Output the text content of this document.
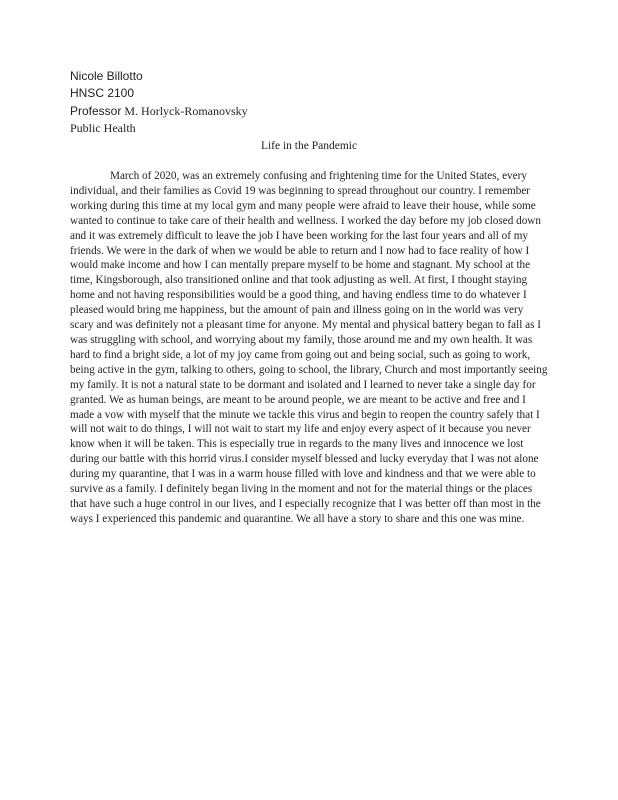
Nicole Billotto
HNSC 2100
Professor M. Horlyck-Romanovsky
Public Health
Life in the Pandemic
March of 2020, was an extremely confusing and frightening time for the United States, every individual, and their families as Covid 19 was beginning to spread throughout our country. I remember working during this time at my local gym and many people were afraid to leave their house, while some wanted to continue to take care of their health and wellness. I worked the day before my job closed down and it was extremely difficult to leave the job I have been working for the last four years and all of my friends. We were in the dark of when we would be able to return and I now had to face reality of how I would make income and how I can mentally prepare myself to be home and stagnant. My school at the time, Kingsborough, also transitioned online and that took adjusting as well. At first, I thought staying home and not having responsibilities would be a good thing, and having endless time to do whatever I pleased would bring me happiness, but the amount of pain and illness going on in the world was very scary and was definitely not a pleasant time for anyone. My mental and physical battery began to fall as I was struggling with school, and worrying about my family, those around me and my own health. It was hard to find a bright side, a lot of my joy came from going out and being social, such as going to work, being active in the gym, talking to others, going to school, the library, Church and most importantly seeing my family. It is not a natural state to be dormant and isolated and I learned to never take a single day for granted. We as human beings, are meant to be around people, we are meant to be active and free and I made a vow with myself that the minute we tackle this virus and begin to reopen the country safely that I will not wait to do things, I will not wait to start my life and enjoy every aspect of it because you never know when it will be taken. This is especially true in regards to the many lives and innocence we lost during our battle with this horrid virus.I consider myself blessed and lucky everyday that I was not alone during my quarantine, that I was in a warm house filled with love and kindness and that we were able to survive as a family. I definitely began living in the moment and not for the material things or the places that have such a huge control in our lives, and I especially recognize that I was better off than most in the ways I experienced this pandemic and quarantine. We all have a story to share and this one was mine.
